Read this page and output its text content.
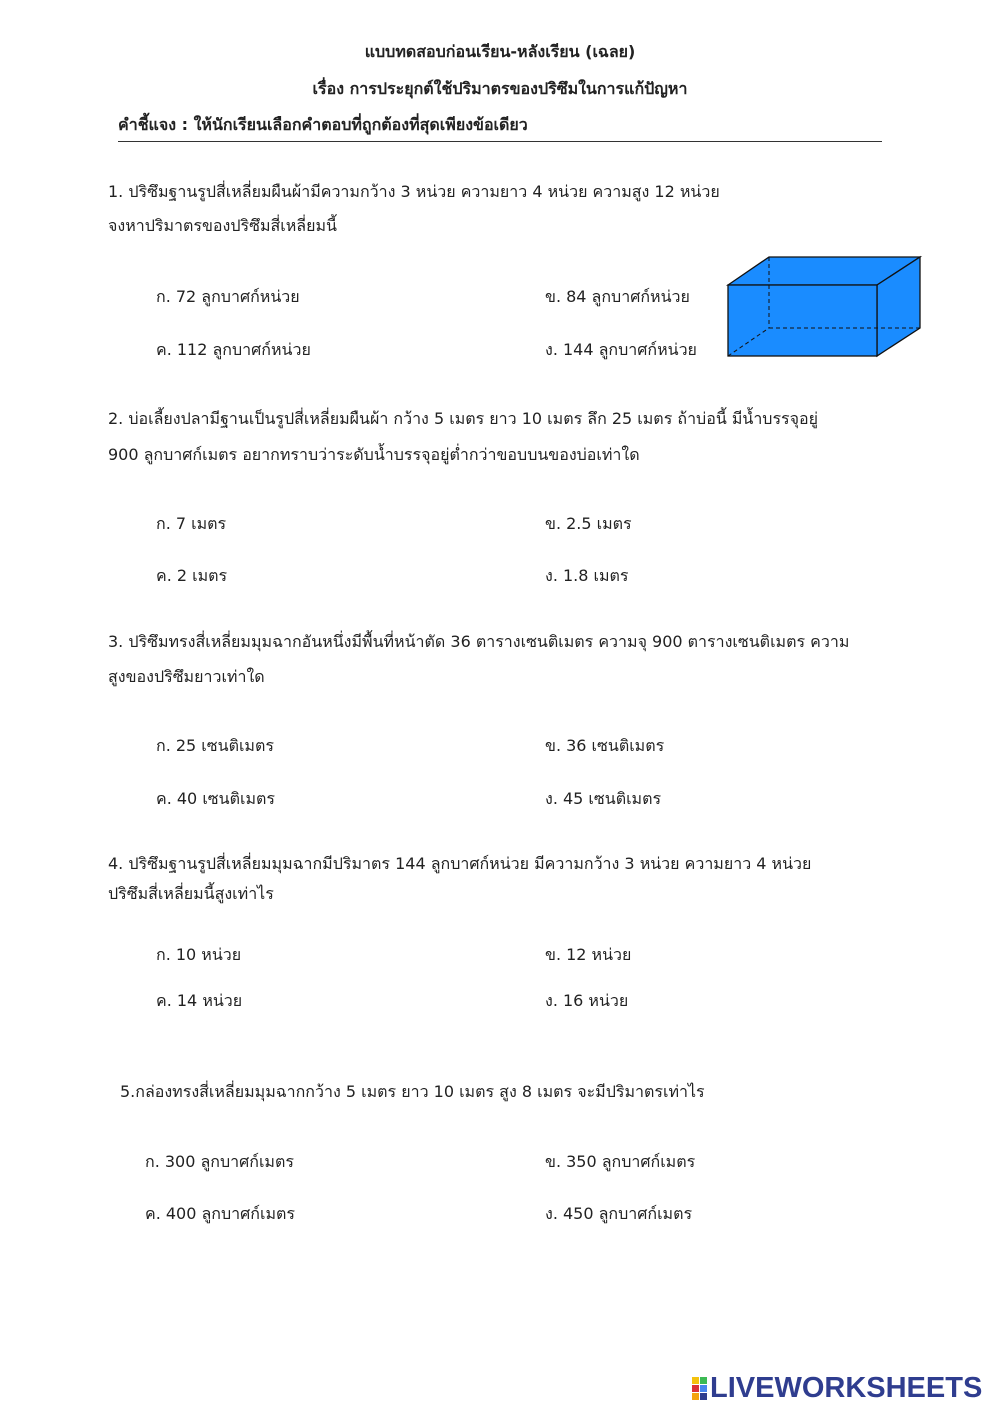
แบบทดสอบก่อนเรียน-หลังเรียน (เฉลย)
เรื่อง การประยุกต์ใช้ปริมาตรของปริซึมในการแก้ปัญหา
คำชี้แจง : ให้นักเรียนเลือกคำตอบที่ถูกต้องที่สุดเพียงข้อเดียว
1. ปริซึมฐานรูปสี่เหลี่ยมผืนผ้ามีความกว้าง 3 หน่วย ความยาว 4 หน่วย ความสูง 12 หน่วย
จงหาปริมาตรของปริซึมสี่เหลี่ยมนี้
ก. 72 ลูกบาศก์หน่วย	ข. 84 ลูกบาศก์หน่วย
ค. 112 ลูกบาศก์หน่วย	ง. 144 ลูกบาศก์หน่วย
2. บ่อเลี้ยงปลามีฐานเป็นรูปสี่เหลี่ยมผืนผ้า กว้าง 5 เมตร ยาว 10 เมตร ลึก 25 เมตร ถ้าบ่อนี้ มีน้ำบรรจุอยู่
900 ลูกบาศก์เมตร อยากทราบว่าระดับน้ำบรรจุอยู่ต่ำกว่าขอบบนของบ่อเท่าใด
ก. 7 เมตร	ข. 2.5 เมตร
ค. 2 เมตร	ง. 1.8 เมตร
3. ปริซึมทรงสี่เหลี่ยมมุมฉากอันหนึ่งมีพื้นที่หน้าตัด 36 ตารางเซนติเมตร ความจุ 900 ตารางเซนติเมตร ความ
สูงของปริซึมยาวเท่าใด
ก. 25 เซนติเมตร	ข. 36 เซนติเมตร
ค. 40 เซนติเมตร	ง. 45 เซนติเมตร
4. ปริซึมฐานรูปสี่เหลี่ยมมุมฉากมีปริมาตร 144 ลูกบาศก์หน่วย มีความกว้าง 3 หน่วย ความยาว 4 หน่วย
ปริซึมสี่เหลี่ยมนี้สูงเท่าไร
ก. 10 หน่วย	ข. 12 หน่วย
ค. 14 หน่วย	ง. 16 หน่วย
5.กล่องทรงสี่เหลี่ยมมุมฉากกว้าง 5 เมตร ยาว 10 เมตร สูง 8 เมตร จะมีปริมาตรเท่าไร
ก. 300 ลูกบาศก์เมตร	ข. 350 ลูกบาศก์เมตร
ค. 400 ลูกบาศก์เมตร	ง. 450 ลูกบาศก์เมตร
LIVEWORKSHEETS
